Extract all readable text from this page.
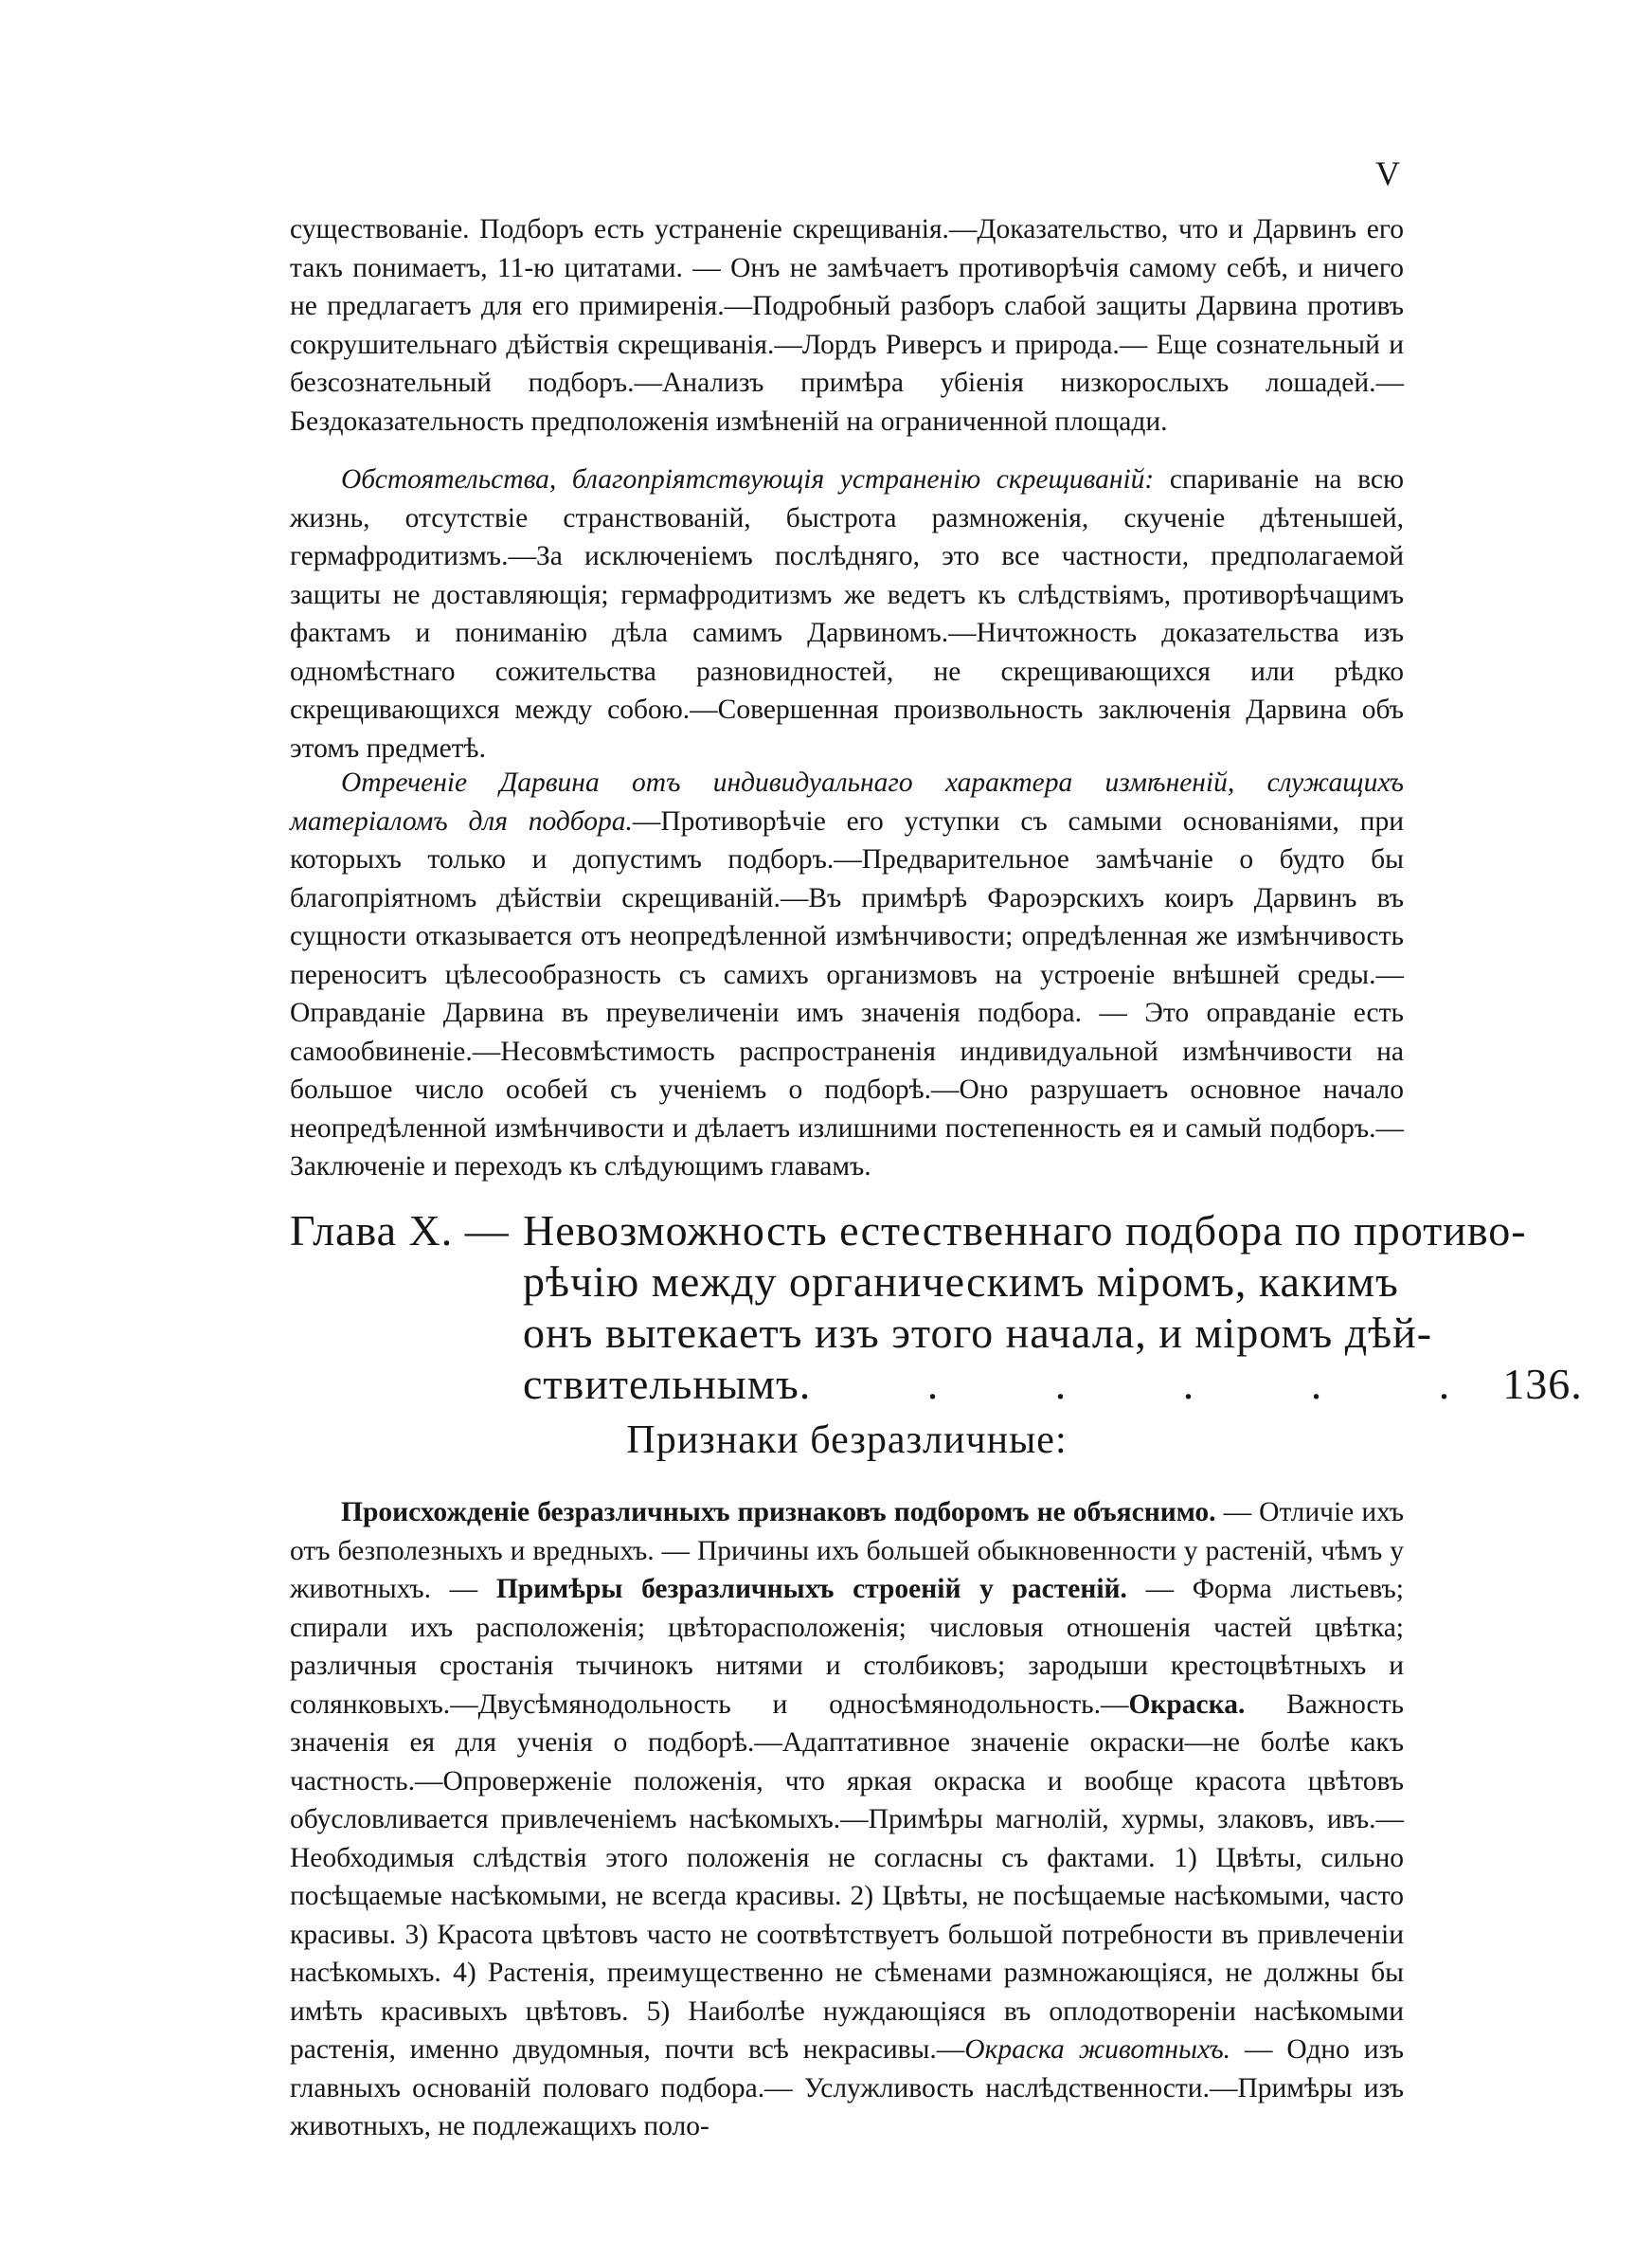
V

существованіе. Подборъ есть устраненіе скрещиванія.—Доказательство, что и Дарвинъ его такъ понимаетъ, 11-ю цитатами. — Онъ не замѣчаетъ противорѣчія самому себѣ, и ничего не предлагаетъ для его примиренія.—Подробный разборъ слабой защиты Дарвина противъ сокрушительнаго дѣйствія скрещиванія.—Лордъ Риверсъ и природа.— Еще сознательный и безсознательный подборъ.—Анализъ примѣра убіенія низкорослыхъ лошадей.—Бездоказательность предположенія измѣненій на ограниченной площади.

Обстоятельства, благопріятствующія устраненію скрещиваній: спариваніе на всю жизнь, отсутствіе странствованій, быстрота размноженія, скученіе дѣтенышей, гермафродитизмъ.—За исключеніемъ послѣдняго, это все частности, предполагаемой защиты не доставляющія; гермафродитизмъ же ведетъ къ слѣдствіямъ, противорѣчащимъ фактамъ и пониманію дѣла самимъ Дарвиномъ.—Ничтожность доказательства изъ одномѣстнаго сожительства разновидностей, не скрещивающихся или рѣдко скрещивающихся между собою.—Совершенная произвольность заключенія Дарвина объ этомъ предметѣ.

Отреченіе Дарвина отъ индивидуальнаго характера измѣненій, служащихъ матеріаломъ для подбора.—Противорѣчіе его уступки съ самыми основаніями, при которыхъ только и допустимъ подборъ.—Предварительное замѣчаніе о будто бы благопріятномъ дѣйствіи скрещиваній.—Въ примѣрѣ Фароэрскихъ коиръ Дарвинъ въ сущности отказывается отъ неопредѣленной измѣнчивости; опредѣленная же измѣнчивость переноситъ цѣлесообразность съ самихъ организмовъ на устроеніе внѣшней среды.— Оправданіе Дарвина въ преувеличеніи имъ значенія подбора. — Это оправданіе есть самообвиненіе.—Несовмѣстимость распространенія индивидуальной измѣнчивости на большое число особей съ ученіемъ о подборѣ.—Оно разрушаетъ основное начало неопредѣленной измѣнчивости и дѣлаетъ излишними постепенность ея и самый подборъ.—Заключеніе и переходъ къ слѣдующимъ главамъ.

Глава X. — Невозможность естественнаго подбора по противо-
рѣчію между органическимъ міромъ, какимъ
онъ вытекаетъ изъ этого начала, и міромъ дѣй-
ствительнымъ . . . . . . 136.
Признаки безразличные:

Происхожденіе безразличныхъ признаковъ подборомъ не объяснимо. — Отличіе ихъ отъ безполезныхъ и вредныхъ. — Причины ихъ большей обыкновенности у растеній, чѣмъ у животныхъ. — Примѣры безразличныхъ строеній у растеній. — Форма листьевъ; спирали ихъ расположенія; цвѣторасположенія; числовыя отношенія частей цвѣтка; различныя сростанія тычинокъ нитями и столбиковъ; зародыши крестоцвѣтныхъ и солянковыхъ.—Двусѣмянодольность и односѣмянодольность.—Окраска. Важность значенія ея для ученія о подборѣ.—Адаптативное значеніе окраски—не болѣе какъ частность.—Опроверженіе положенія, что яркая окраска и вообще красота цвѣтовъ обусловливается привлеченіемъ насѣкомыхъ.—Примѣры магнолій, хурмы, злаковъ, ивъ.—Необходимыя слѣдствія этого положенія не согласны съ фактами. 1) Цвѣты, сильно посѣщаемые насѣкомыми, не всегда красивы. 2) Цвѣты, не посѣщаемые насѣкомыми, часто красивы. 3) Красота цвѣтовъ часто не соотвѣтствуетъ большой потребности въ привлеченіи насѣкомыхъ. 4) Растенія, преимущественно не сѣменами размножающіяся, не должны бы имѣть красивыхъ цвѣтовъ. 5) Наиболѣе нуждающіяся въ оплодотвореніи насѣкомыми растенія, именно двудомныя, почти всѣ некрасивы.—Окраска животныхъ. — Одно изъ главныхъ основаній половаго подбора.— Услужливость наслѣдственности.—Примѣры изъ животныхъ, не подлежащихъ поло-
